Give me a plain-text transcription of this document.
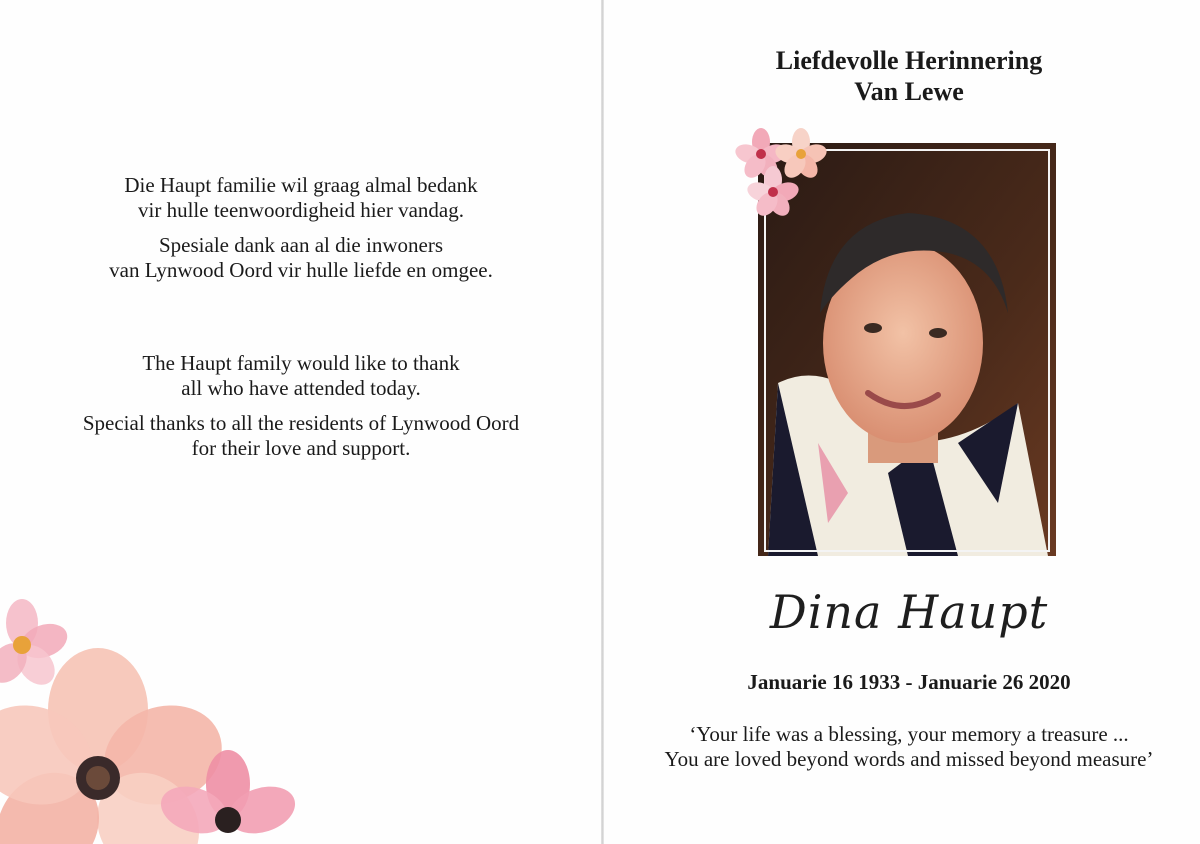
Die Haupt familie wil graag almal bedank

vir hulle teenwoordigheid hier vandag.

Spesiale dank aan al die inwoners

van Lynwood Oord vir hulle liefde en omgee.

The Haupt family would like to thank

all who have attended today.

Special thanks to all the residents of Lynwood Oord

for their love and support.

Liefdevolle Herinnering
Van Lewe
Dina Haupt
Januarie 16 1933 - Januarie 26 2020

‘Your life was a blessing, your memory a treasure ...

You are loved beyond words and missed beyond measure’
